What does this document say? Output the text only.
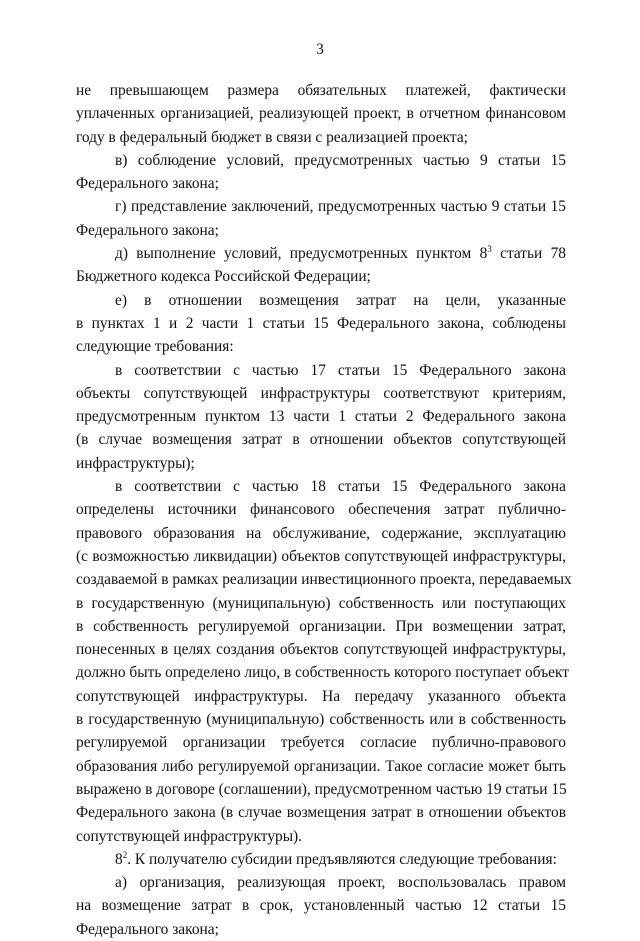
3
не превышающем размера обязательных платежей, фактически
уплаченных организацией, реализующей проект, в отчетном финансовом
году в федеральный бюджет в связи с реализацией проекта;
в) соблюдение условий, предусмотренных частью 9 статьи 15
Федерального закона;
г) представление заключений, предусмотренных частью 9 статьи 15
Федерального закона;
д) выполнение условий, предусмотренных пунктом $8^3$ статьи 78
Бюджетного кодекса Российской Федерации;
е) в отношении возмещения затрат на цели, указанные
в пунктах 1 и 2 части 1 статьи 15 Федерального закона, соблюдены
следующие требования:
в соответствии с частью 17 статьи 15 Федерального закона
объекты сопутствующей инфраструктуры соответствуют критериям,
предусмотренным пунктом 13 части 1 статьи 2 Федерального закона
(в случае возмещения затрат в отношении объектов сопутствующей
инфраструктуры);
в соответствии с частью 18 статьи 15 Федерального закона
определены источники финансового обеспечения затрат публично-
правового образования на обслуживание, содержание, эксплуатацию
(с возможностью ликвидации) объектов сопутствующей инфраструктуры,
создаваемой в рамках реализации инвестиционного проекта, передаваемых
в государственную (муниципальную) собственность или поступающих
в собственность регулируемой организации. При возмещении затрат,
понесенных в целях создания объектов сопутствующей инфраструктуры,
должно быть определено лицо, в собственность которого поступает объект
сопутствующей инфраструктуры. На передачу указанного объекта
в государственную (муниципальную) собственность или в собственность
регулируемой организации требуется согласие публично-правового
образования либо регулируемой организации. Такое согласие может быть
выражено в договоре (соглашении), предусмотренном частью 19 статьи 15
Федерального закона (в случае возмещения затрат в отношении объектов
сопутствующей инфраструктуры).
$8^2$. К получателю субсидии предъявляются следующие требования:
а) организация, реализующая проект, воспользовалась правом
на возмещение затрат в срок, установленный частью 12 статьи 15
Федерального закона;
